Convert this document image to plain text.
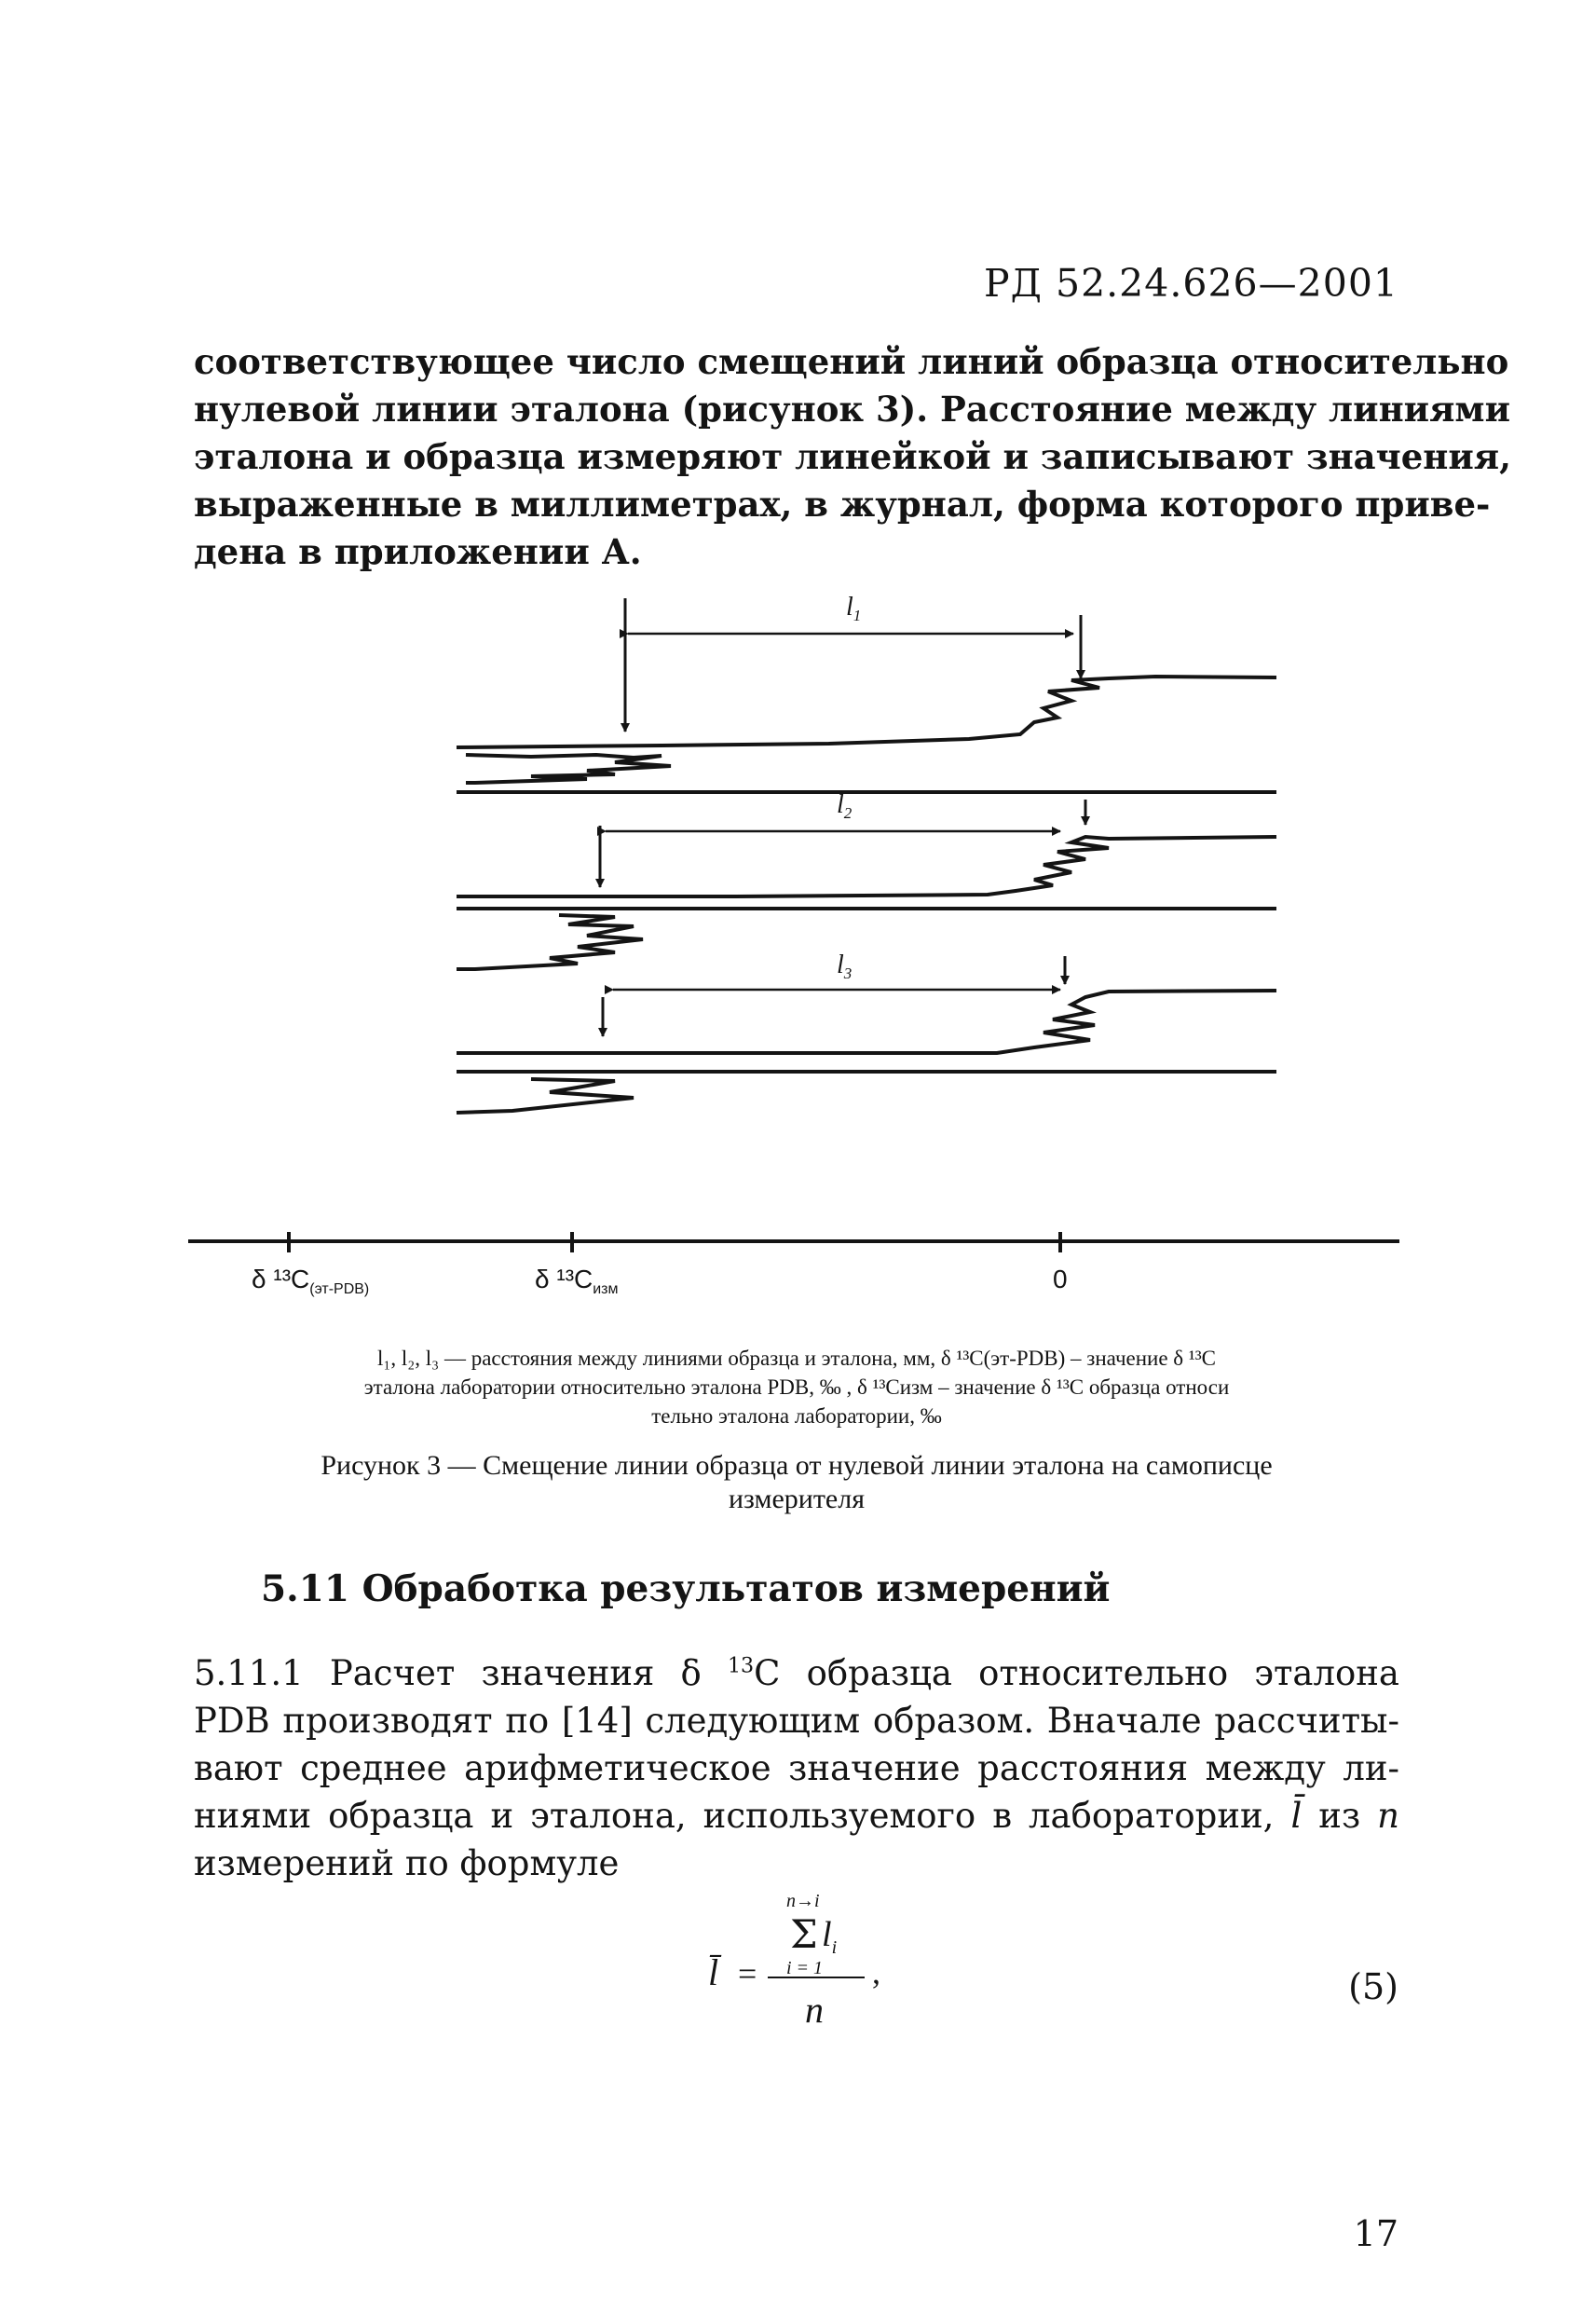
РД 52.24.626—2001
соответствующее число смещений линий образца относительно
нулевой линии эталона (рисунок 3). Расстояние между линиями
эталона и образца измеряют линейкой и записывают значения,
выраженные в миллиметрах, в журнал, форма которого приве-
дена в приложении А.
$l_1$
$l_2$
$l_3$
δ $^{13}C_{(эт-PDB)}$	δ $^{13}C_{изм}$	0
l₁, l₂, l₃ — расстояния между линиями образца и эталона, мм, δ ¹³C(эт-PDB) – значение δ ¹³C
эталона лаборатории относительно эталона PDB, ‰ , δ ¹³Cизм – значение δ ¹³C образца относи
тельно эталона лаборатории, ‰
Рисунок 3 — Смещение линии образца от нулевой линии эталона на самописце
измерителя
5.11 Обработка результатов измерений
5.11.1 Расчет значения δ $^{13}$C образца относительно эталона
PDB производят по [14] следующим образом. Вначале рассчиты-
вают среднее арифметическое значение расстояния между ли-
ниями образца и эталона, используемого в лаборатории, l̄ из n
измерений по формуле
n→i
Σ $l_i$
i = 1
l̄ =
n
,	(5)
17
